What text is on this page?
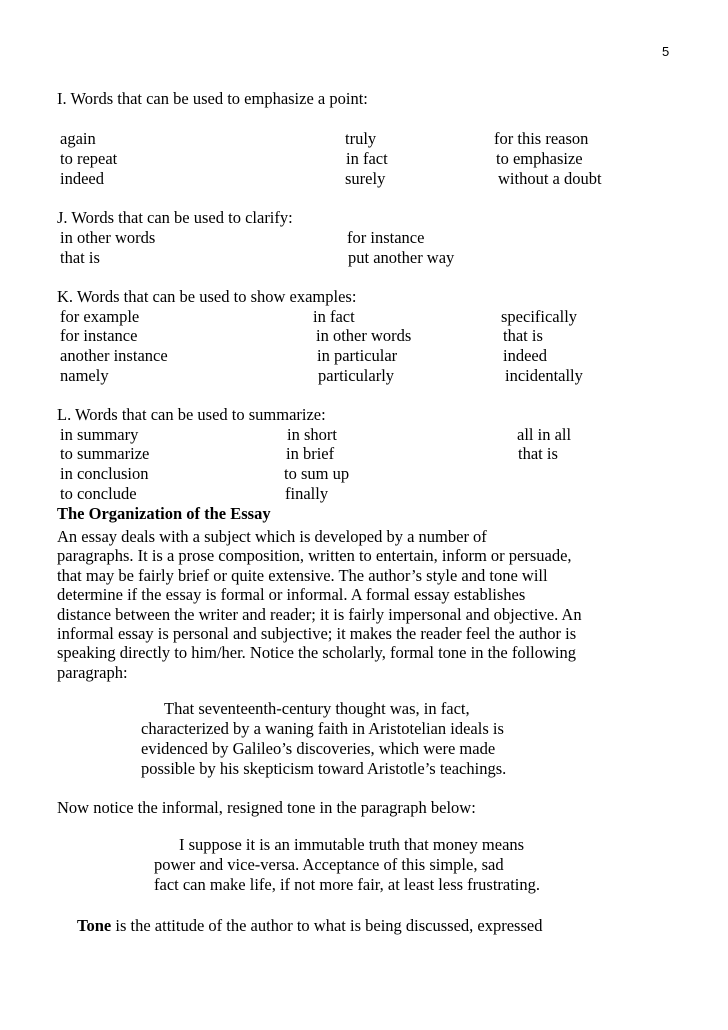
5
I. Words that can be used to emphasize a point:
again	truly	for this reason
to repeat	in fact	to emphasize
indeed	surely	without a doubt
J. Words that can be used to clarify:
in other words	for instance
that is	put another way
K. Words that can be used to show examples:
for example	in fact	specifically
for instance	in other words	that is
another instance	in particular	indeed
namely	particularly	incidentally
L. Words that can be used to summarize:
in summary	in short	all in all
to summarize	in brief	that is
in conclusion	to sum up
to conclude	finally
The Organization of the Essay
An essay deals with a subject which is developed by a number of
paragraphs. It is a prose composition, written to entertain, inform or persuade,
that may be fairly brief or quite extensive. The author’s style and tone will
determine if the essay is formal or informal. A formal essay establishes
distance between the writer and reader; it is fairly impersonal and objective. An
informal essay is personal and subjective; it makes the reader feel the author is
speaking directly to him/her. Notice the scholarly, formal tone in the following
paragraph:
That seventeenth-century thought was, in fact,
characterized by a waning faith in Aristotelian ideals is
evidenced by Galileo’s discoveries, which were made
possible by his skepticism toward Aristotle’s teachings.
Now notice the informal, resigned tone in the paragraph below:
I suppose it is an immutable truth that money means
power and vice-versa. Acceptance of this simple, sad
fact can make life, if not more fair, at least less frustrating.
Tone is the attitude of the author to what is being discussed, expressed
